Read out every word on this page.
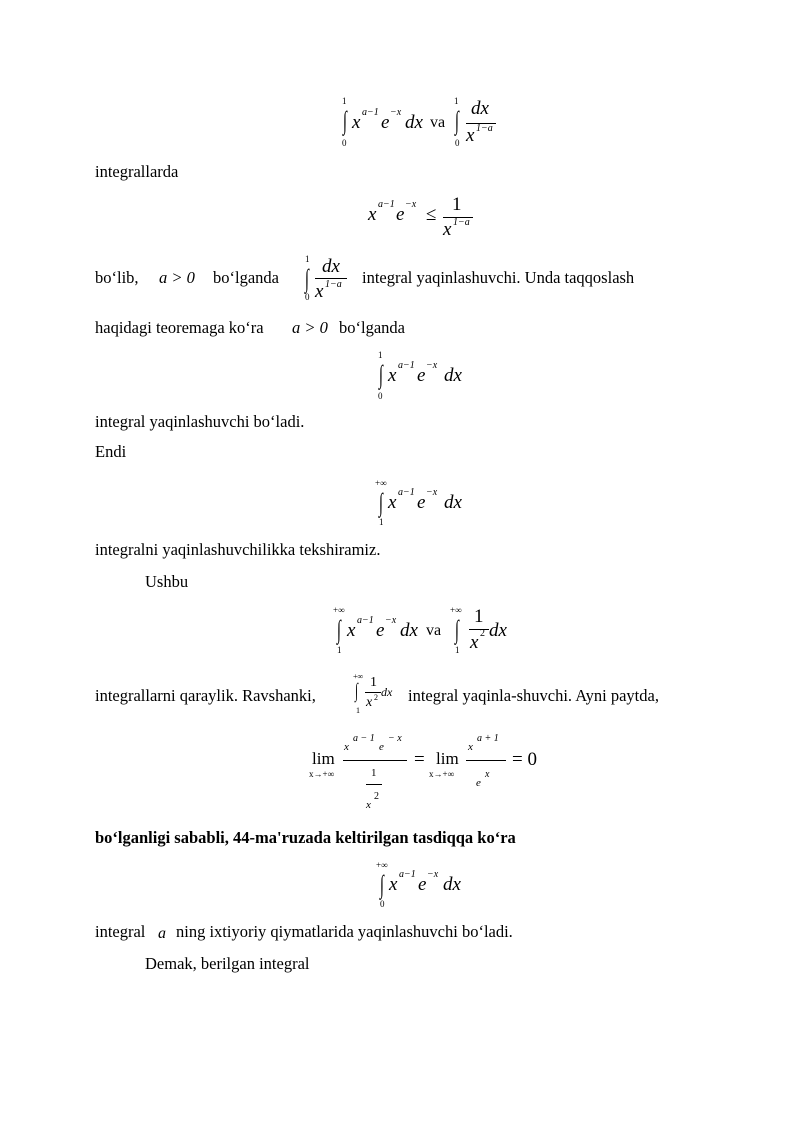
1
∫
0
x a−1 e −x dx va
1
∫
0
dx
x 1−a
integrallarda
x a−1 e −x ≤ 1
x 1−a
bo‘lib, a > 0 bo‘lganda
1
∫
0
dx
x 1−a integral yaqinlashuvchi. Unda taqqoslash
haqidagi teoremaga ko‘ra a > 0 bo‘lganda
1
∫
0
x a−1 e −x dx
integral yaqinlashuvchi bo‘ladi.
Endi
+∞
∫
1
x a−1 e −x dx
integralni yaqinlashuvchilikka tekshiramiz.
Ushbu
+∞
∫
1
x a−1 e −x dx va
+∞
∫
1
1
x 2 dx
integrallarni qaraylik. Ravshanki,
+∞
∫
1
1
x 2 dx integral yaqinla-shuvchi. Ayni paytda,
lim
x→+∞
x
a − 1
e
− x
1
x
2
= lim
x→+∞
x
a + 1
e
x
= 0
bo‘lganligi sababli, 44-ma'ruzada keltirilgan tasdiqqa ko‘ra
+∞
∫
0
x a−1 e −x dx
integral a ning ixtiyoriy qiymatlarida yaqinlashuvchi bo‘ladi.
Demak, berilgan integral
